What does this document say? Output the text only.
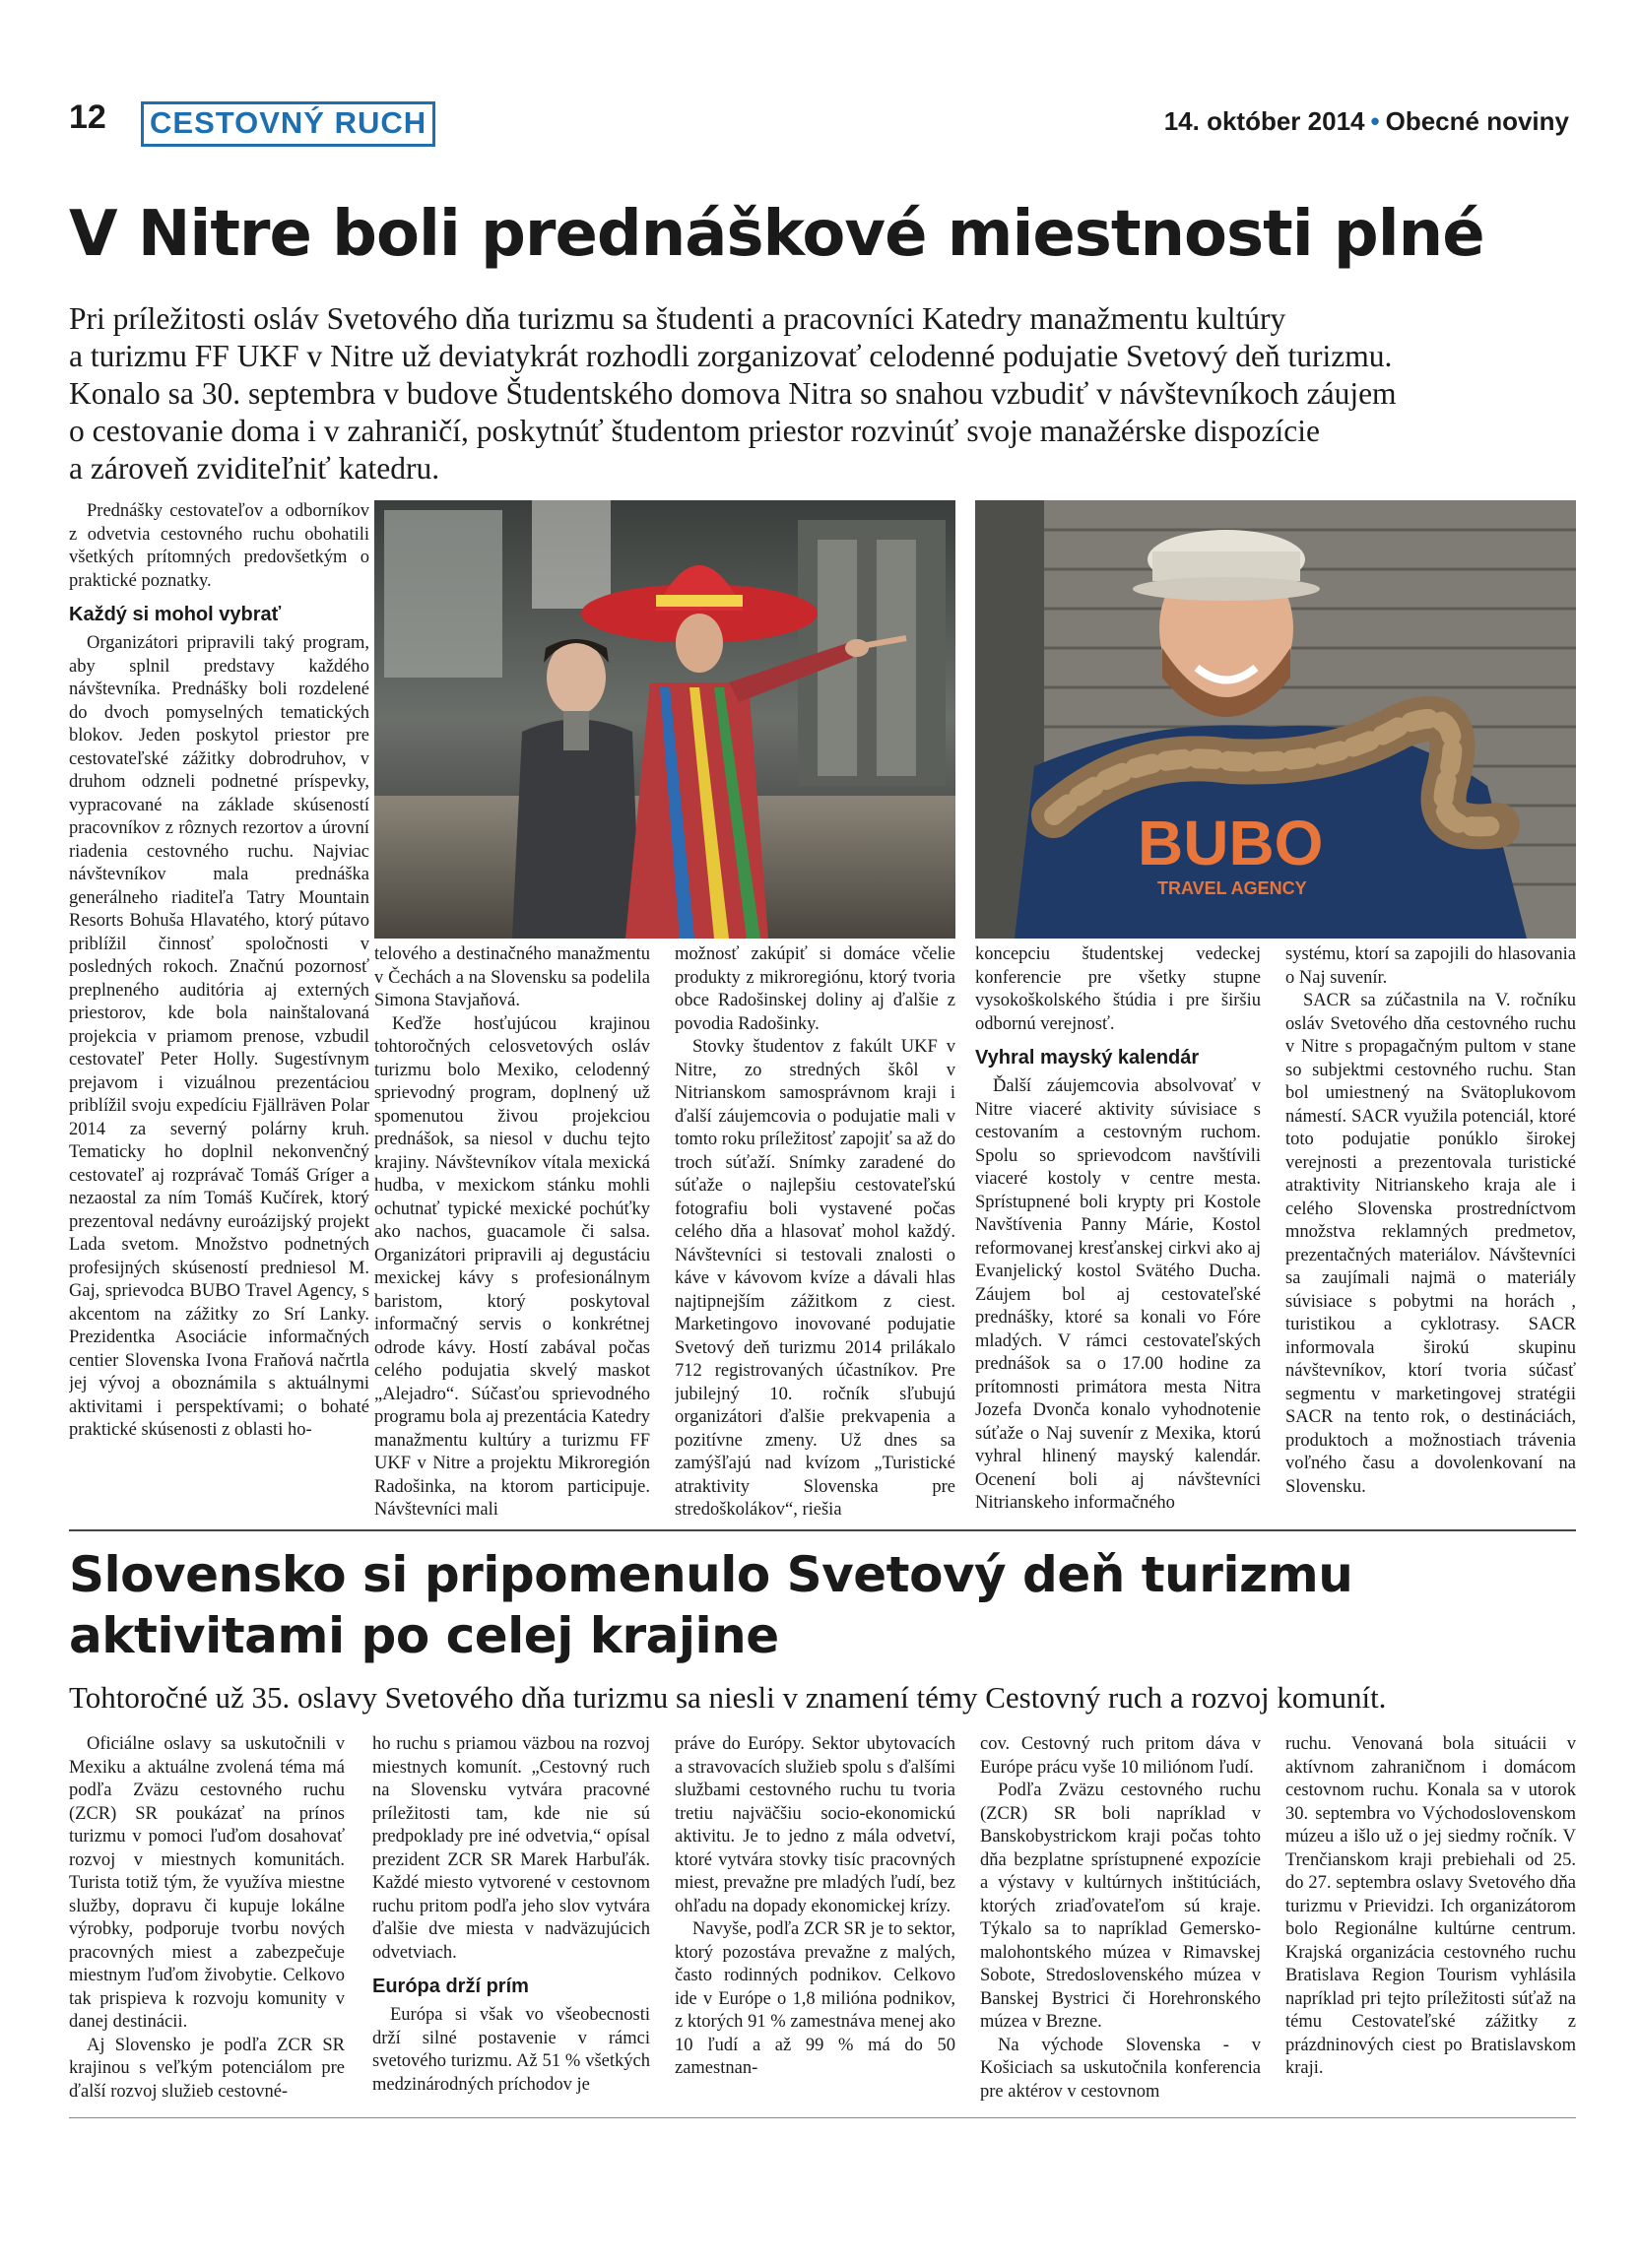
12 CESTOVNÝ RUCH	14. október 2014 • Obecné noviny
V Nitre boli prednáškové miestnosti plné
Pri príležitosti osláv Svetového dňa turizmu sa študenti a pracovníci Katedry manažmentu kultúry
a turizmu FF UKF v Nitre už deviatykrát rozhodli zorganizovať celodenné podujatie Svetový deň turizmu.
Konalo sa 30. septembra v budove Študentského domova Nitra so snahou vzbudiť v návštevníkoch záujem
o cestovanie doma i v zahraničí, poskytnúť študentom priestor rozvinúť svoje manažérske dispozície
a zároveň zviditeľniť katedru.

Prednášky cestovateľov a odborníkov z odvetvia cestovného ruchu obohatili všetkých prítomných predovšetkým o praktické poznatky.

Každý si mohol vybrať

Organizátori pripravili taký program, aby splnil predstavy každého návštevníka. Prednášky boli rozdelené do dvoch pomyselných tematických blokov. Jeden poskytol priestor pre cestovateľské zážitky dobrodruhov, v druhom odzneli podnetné príspevky, vypracované na základe skúseností pracovníkov z rôznych rezortov a úrovní riadenia cestovného ruchu. Najviac návštevníkov mala prednáška generálneho riaditeľa Tatry Mountain Resorts Bohuša Hlavatého, ktorý pútavo priblížil činnosť spoločnosti v posledných rokoch. Značnú pozornosť preplneného auditória aj externých priestorov, kde bola nainštalovaná projekcia v priamom prenose, vzbudil cestovateľ Peter Holly. Sugestívnym prejavom i vizuálnou prezentáciou priblížil svoju expedíciu Fjällräven Polar 2014 za severný polárny kruh. Tematicky ho doplnil nekonvenčný cestovateľ aj rozprávač Tomáš Gríger a nezaostal za ním Tomáš Kučírek, ktorý prezentoval nedávny euroázijský projekt Lada svetom. Množstvo podnetných profesijných skúseností predniesol M. Gaj, sprievodca BUBO Travel Agency, s akcentom na zážitky zo Srí Lanky. Prezidentka Asociácie informačných centier Slovenska Ivona Fraňová načrtla jej vývoj a oboznámila s aktuálnymi aktivitami i perspektívami; o bohaté praktické skúsenosti z oblasti ho-

BUBO
TRAVEL AGENCY

telového a destinačného manažmentu v Čechách a na Slovensku sa podelila Simona Stavjaňová.

Keďže hosťujúcou krajinou tohtoročných celosvetových osláv turizmu bolo Mexiko, celodenný sprievodný program, doplnený už spomenutou živou projekciou prednášok, sa niesol v duchu tejto krajiny. Návštevníkov vítala mexická hudba, v mexickom stánku mohli ochutnať typické mexické pochúťky ako nachos, guacamole či salsa. Organizátori pripravili aj degustáciu mexickej kávy s profesionálnym baristom, ktorý poskytoval informačný servis o konkrétnej odrode kávy. Hostí zabával počas celého podujatia skvelý maskot „Alejadro“. Súčasťou sprievodného programu bola aj prezentácia Katedry manažmentu kultúry a turizmu FF UKF v Nitre a projektu Mikroregión Radošinka, na ktorom participuje. Návštevníci mali

možnosť zakúpiť si domáce včelie produkty z mikroregiónu, ktorý tvoria obce Radošinskej doliny aj ďalšie z povodia Radošinky.

Stovky študentov z fakúlt UKF v Nitre, zo stredných škôl v Nitrianskom samosprávnom kraji i ďalší záujemcovia o podujatie mali v tomto roku príležitosť zapojiť sa až do troch súťaží. Snímky zaradené do súťaže o najlepšiu cestovateľskú fotografiu boli vystavené počas celého dňa a hlasovať mohol každý. Návštevníci si testovali znalosti o káve v kávovom kvíze a dávali hlas najtipnejším zážitkom z ciest. Marketingovo inovované podujatie Svetový deň turizmu 2014 prilákalo 712 registrovaných účastníkov. Pre jubilejný 10. ročník sľubujú organizátori ďalšie prekvapenia a pozitívne zmeny. Už dnes sa zamýšľajú nad kvízom „Turistické atraktivity Slovenska pre stredoškolákov“, riešia

koncepciu študentskej vedeckej konferencie pre všetky stupne vysokoškolského štúdia i pre širšiu odbornú verejnosť.

Vyhral mayský kalendár

Ďalší záujemcovia absolvovať v Nitre viaceré aktivity súvisiace s cestovaním a cestovným ruchom. Spolu so sprievodcom navštívili viaceré kostoly v centre mesta. Sprístupnené boli krypty pri Kostole Navštívenia Panny Márie, Kostol reformovanej kresťanskej cirkvi ako aj Evanjelický kostol Svätého Ducha. Záujem bol aj cestovateľské prednášky, ktoré sa konali vo Fóre mladých. V rámci cestovateľských prednášok sa o 17.00 hodine za prítomnosti primátora mesta Nitra Jozefa Dvonča konalo vyhodnotenie súťaže o Naj suvenír z Mexika, ktorú vyhral hlinený mayský kalendár. Ocenení boli aj návštevníci Nitrianskeho informačného

systému, ktorí sa zapojili do hlasovania o Naj suvenír.

SACR sa zúčastnila na V. ročníku osláv Svetového dňa cestovného ruchu v Nitre s propagačným pultom v stane so subjektmi cestovného ruchu. Stan bol umiestnený na Svätoplukovom námestí. SACR využila potenciál, ktoré toto podujatie ponúklo širokej verejnosti a prezentovala turistické atraktivity Nitrianskeho kraja ale i celého Slovenska prostredníctvom množstva reklamných predmetov, prezentačných materiálov. Návštevníci sa zaujímali najmä o materiály súvisiace s pobytmi na horách , turistikou a cyklotrasy. SACR informovala širokú skupinu návštevníkov, ktorí tvoria súčasť segmentu v marketingovej stratégii SACR na tento rok, o destináciách, produktoch a možnostiach trávenia voľného času a dovolenkovaní na Slovensku.

Slovensko si pripomenulo Svetový deň turizmu
aktivitami po celej krajine
Tohtoročné už 35. oslavy Svetového dňa turizmu sa niesli v znamení témy Cestovný ruch a rozvoj komunít.

Oficiálne oslavy sa uskutočnili v Mexiku a aktuálne zvolená téma má podľa Zväzu cestovného ruchu (ZCR) SR poukázať na prínos turizmu v pomoci ľuďom dosahovať rozvoj v miestnych komunitách. Turista totiž tým, že využíva miestne služby, dopravu či kupuje lokálne výrobky, podporuje tvorbu nových pracovných miest a zabezpečuje miestnym ľuďom živobytie. Celkovo tak prispieva k rozvoju komunity v danej destinácii.

Aj Slovensko je podľa ZCR SR krajinou s veľkým potenciálom pre ďalší rozvoj služieb cestovné-

ho ruchu s priamou väzbou na rozvoj miestnych komunít. „Cestovný ruch na Slovensku vytvára pracovné príležitosti tam, kde nie sú predpoklady pre iné odvetvia,“ opísal prezident ZCR SR Marek Harbuľák. Každé miesto vytvorené v cestovnom ruchu pritom podľa jeho slov vytvára ďalšie dve miesta v nadväzujúcich odvetviach.

Európa drží prím

Európa si však vo všeobecnosti drží silné postavenie v rámci svetového turizmu. Až 51 % všetkých medzinárodných príchodov je

práve do Európy. Sektor ubytovacích a stravovacích služieb spolu s ďalšími službami cestovného ruchu tu tvoria tretiu najväčšiu socio-ekonomickú aktivitu. Je to jedno z mála odvetví, ktoré vytvára stovky tisíc pracovných miest, prevažne pre mladých ľudí, bez ohľadu na dopady ekonomickej krízy.

Navyše, podľa ZCR SR je to sektor, ktorý pozostáva prevažne z malých, často rodinných podnikov. Celkovo ide v Európe o 1,8 milióna podnikov, z ktorých 91 % zamestnáva menej ako 10 ľudí a až 99 % má do 50 zamestnan-

cov. Cestovný ruch pritom dáva v Európe prácu vyše 10 miliónom ľudí.

Podľa Zväzu cestovného ruchu (ZCR) SR boli napríklad v Banskobystrickom kraji počas tohto dňa bezplatne sprístupnené expozície a výstavy v kultúrnych inštitúciách, ktorých zriaďovateľom sú kraje. Týkalo sa to napríklad Gemersko-malohontského múzea v Rimavskej Sobote, Stredoslovenského múzea v Banskej Bystrici či Horehronského múzea v Brezne.

Na východe Slovenska - v Košiciach sa uskutočnila konferencia pre aktérov v cestovnom

ruchu. Venovaná bola situácii v aktívnom zahraničnom i domácom cestovnom ruchu. Konala sa v utorok 30. septembra vo Východoslovenskom múzeu a išlo už o jej siedmy ročník. V Trenčianskom kraji prebiehali od 25. do 27. septembra oslavy Svetového dňa turizmu v Prievidzi. Ich organizátorom bolo Regionálne kultúrne centrum. Krajská organizácia cestovného ruchu Bratislava Region Tourism vyhlásila napríklad pri tejto príležitosti súťaž na tému Cestovateľské zážitky z prázdninových ciest po Bratislavskom kraji.
